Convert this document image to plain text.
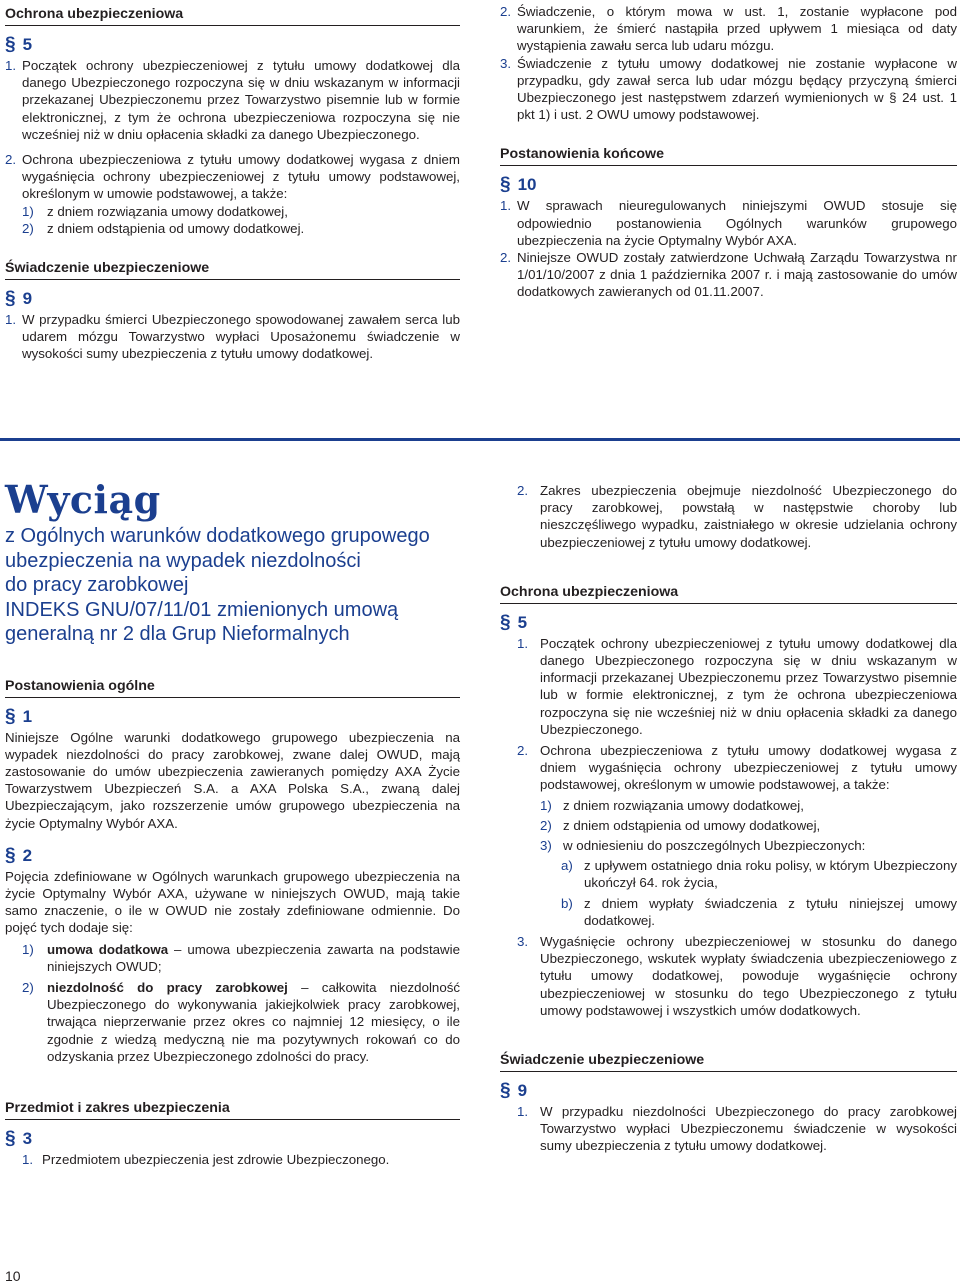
Ochrona ubezpieczeniowa
§ 5
1. Początek ochrony ubezpieczeniowej z tytułu umowy dodatkowej dla danego Ubezpieczonego rozpoczyna się w dniu wskazanym w informacji przekazanej Ubezpieczonemu przez Towarzystwo pisemnie lub w formie elektronicznej, z tym że ochrona ubezpieczeniowa rozpoczyna się nie wcześniej niż w dniu opłacenia składki za danego Ubezpieczonego.
2. Ochrona ubezpieczeniowa z tytułu umowy dodatkowej wygasa z dniem wygaśnięcia ochrony ubezpieczeniowej z tytułu umowy podstawowej, określonym w umowie podstawowej, a także:
1) z dniem rozwiązania umowy dodatkowej,
2) z dniem odstąpienia od umowy dodatkowej.
Świadczenie ubezpieczeniowe
§ 9
1. W przypadku śmierci Ubezpieczonego spowodowanej zawałem serca lub udarem mózgu Towarzystwo wypłaci Uposażonemu świadczenie w wysokości sumy ubezpieczenia z tytułu umowy dodatkowej.
2. Świadczenie, o którym mowa w ust. 1, zostanie wypłacone pod warunkiem, że śmierć nastąpiła przed upływem 1 miesiąca od daty wystąpienia zawału serca lub udaru mózgu.
3. Świadczenie z tytułu umowy dodatkowej nie zostanie wypłacone w przypadku, gdy zawał serca lub udar mózgu będący przyczyną śmierci Ubezpieczonego jest następstwem zdarzeń wymienionych w § 24 ust. 1 pkt 1) i ust. 2 OWU umowy podstawowej.
Postanowienia końcowe
§ 10
1. W sprawach nieuregulowanych niniejszymi OWUD stosuje się odpowiednio postanowienia Ogólnych warunków grupowego ubezpieczenia na życie Optymalny Wybór AXA.
2. Niniejsze OWUD zostały zatwierdzone Uchwałą Zarządu Towarzystwa nr 1/01/10/2007 z dnia 1 października 2007 r. i mają zastosowanie do umów dodatkowych zawieranych od 01.11.2007.
Wyciąg
z Ogólnych warunków dodatkowego grupowego
ubezpieczenia na wypadek niezdolności
do pracy zarobkowej
INDEKS GNU/07/11/01 zmienionych umową
generalną nr 2 dla Grup Nieformalnych
Postanowienia ogólne
§ 1
Niniejsze Ogólne warunki dodatkowego grupowego ubezpieczenia na wypadek niezdolności do pracy zarobkowej, zwane dalej OWUD, mają zastosowanie do umów ubezpieczenia zawieranych pomiędzy AXA Życie Towarzystwem Ubezpieczeń S.A. a AXA Polska S.A., zwaną dalej Ubezpieczającym, jako rozszerzenie umów grupowego ubezpieczenia na życie Optymalny Wybór AXA.
§ 2
Pojęcia zdefiniowane w Ogólnych warunkach grupowego ubezpieczenia na życie Optymalny Wybór AXA, używane w niniejszych OWUD, mają takie samo znaczenie, o ile w OWUD nie zostały zdefiniowane odmiennie. Do pojęć tych dodaje się:
1) umowa dodatkowa – umowa ubezpieczenia zawarta na podstawie niniejszych OWUD;
2) niezdolność do pracy zarobkowej – całkowita niezdolność Ubezpieczonego do wykonywania jakiejkolwiek pracy zarobkowej, trwająca nieprzerwanie przez okres co najmniej 12 miesięcy, o ile zgodnie z wiedzą medyczną nie ma pozytywnych rokowań co do odzyskania przez Ubezpieczonego zdolności do pracy.
Przedmiot i zakres ubezpieczenia
§ 3
1. Przedmiotem ubezpieczenia jest zdrowie Ubezpieczonego.
2. Zakres ubezpieczenia obejmuje niezdolność Ubezpieczonego do pracy zarobkowej, powstałą w następstwie choroby lub nieszczęśliwego wypadku, zaistniałego w okresie udzielania ochrony ubezpieczeniowej z tytułu umowy dodatkowej.
Ochrona ubezpieczeniowa
§ 5
1. Początek ochrony ubezpieczeniowej z tytułu umowy dodatkowej dla danego Ubezpieczonego rozpoczyna się w dniu wskazanym w informacji przekazanej Ubezpieczonemu przez Towarzystwo pisemnie lub w formie elektronicznej, z tym że ochrona ubezpieczeniowa rozpoczyna się nie wcześniej niż w dniu opłacenia składki za danego Ubezpieczonego.
2. Ochrona ubezpieczeniowa z tytułu umowy dodatkowej wygasa z dniem wygaśnięcia ochrony ubezpieczeniowej z tytułu umowy podstawowej, określonym w umowie podstawowej, a także:
1) z dniem rozwiązania umowy dodatkowej,
2) z dniem odstąpienia od umowy dodatkowej,
3) w odniesieniu do poszczególnych Ubezpieczonych:
a) z upływem ostatniego dnia roku polisy, w którym Ubezpieczony ukończył 64. rok życia,
b) z dniem wypłaty świadczenia z tytułu niniejszej umowy dodatkowej.
3. Wygaśnięcie ochrony ubezpieczeniowej w stosunku do danego Ubezpieczonego, wskutek wypłaty świadczenia ubezpieczeniowego z tytułu umowy dodatkowej, powoduje wygaśnięcie ochrony ubezpieczeniowej w stosunku do tego Ubezpieczonego z tytułu umowy podstawowej i wszystkich umów dodatkowych.
Świadczenie ubezpieczeniowe
§ 9
1. W przypadku niezdolności Ubezpieczonego do pracy zarobkowej Towarzystwo wypłaci Ubezpieczonemu świadczenie w wysokości sumy ubezpieczenia z tytułu umowy dodatkowej.
10
